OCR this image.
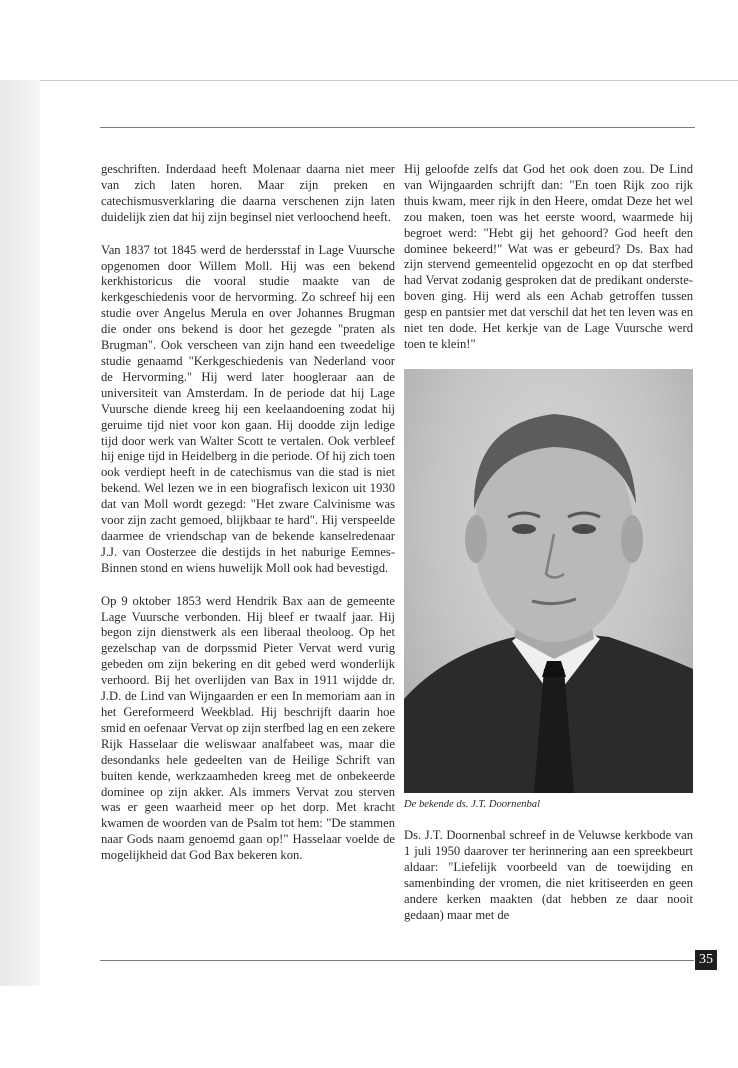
geschriften. Inderdaad heeft Molenaar daarna niet meer van zich laten horen. Maar zijn preken en catechismusverklaring die daarna verschenen zijn laten duidelijk zien dat hij zijn beginsel niet verloochend heeft.

Van 1837 tot 1845 werd de herdersstaf in Lage Vuursche opgenomen door Willem Moll. Hij was een bekend kerkhistoricus die vooral studie maakte van de kerkgeschiedenis voor de hervorming. Zo schreef hij een studie over Angelus Merula en over Johannes Brugman die onder ons bekend is door het gezegde "praten als Brugman". Ook verscheen van zijn hand een tweedelige studie genaamd "Kerkgeschiedenis van Nederland voor de Hervorming." Hij werd later hoogleraar aan de universiteit van Amsterdam. In de periode dat hij Lage Vuursche diende kreeg hij een keelaandoening zodat hij geruime tijd niet voor kon gaan. Hij doodde zijn ledige tijd door werk van Walter Scott te vertalen. Ook verbleef hij enige tijd in Heidelberg in die periode. Of hij zich toen ook verdiept heeft in de catechismus van die stad is niet bekend. Wel lezen we in een biografisch lexicon uit 1930 dat van Moll wordt gezegd: "Het zware Calvinisme was voor zijn zacht gemoed, blijkbaar te hard". Hij verspeelde daarmee de vriendschap van de bekende kanselredenaar J.J. van Oosterzee die destijds in het naburige Eemnes-Binnen stond en wiens huwelijk Moll ook had bevestigd.

Op 9 oktober 1853 werd Hendrik Bax aan de gemeente Lage Vuursche verbonden. Hij bleef er twaalf jaar. Hij begon zijn dienstwerk als een liberaal theoloog. Op het gezelschap van de dorpssmid Pieter Vervat werd vurig gebeden om zijn bekering en dit gebed werd wonderlijk verhoord. Bij het overlijden van Bax in 1911 wijdde dr. J.D. de Lind van Wijngaarden er een In memoriam aan in het Gereformeerd Weekblad. Hij beschrijft daarin hoe smid en oefenaar Vervat op zijn sterfbed lag en een zekere Rijk Hasselaar die weliswaar analfabeet was, maar die desondanks hele gedeelten van de Heilige Schrift van buiten kende, werkzaamheden kreeg met de onbekeerde dominee op zijn akker. Als immers Vervat zou sterven was er geen waarheid meer op het dorp. Met kracht kwamen de woorden van de Psalm tot hem: "De stammen naar Gods naam genoemd gaan op!" Hasselaar voelde de mogelijkheid dat God Bax bekeren kon.

Hij geloofde zelfs dat God het ook doen zou. De Lind van Wijngaarden schrijft dan: "En toen Rijk zoo rijk thuis kwam, meer rijk in den Heere, omdat Deze het wel zou maken, toen was het eerste woord, waarmede hij begroet werd: "Hebt gij het gehoord? God heeft den dominee bekeerd!" Wat was er gebeurd? Ds. Bax had zijn stervend gemeentelid opgezocht en op dat sterfbed had Vervat zodanig gesproken dat de predikant onderste-boven ging. Hij werd als een Achab getroffen tussen gesp en pantsier met dat verschil dat het ten leven was en niet ten dode. Het kerkje van de Lage Vuursche werd toen te klein!"

De bekende ds. J.T. Doornenbal

Ds. J.T. Doornenbal schreef in de Veluwse kerkbode van 1 juli 1950 daarover ter herinnering aan een spreekbeurt aldaar: "Liefelijk voorbeeld van de toewijding en samenbinding der vromen, die niet kritiseerden en geen andere kerken maakten (dat hebben ze daar nooit gedaan) maar met de

35
